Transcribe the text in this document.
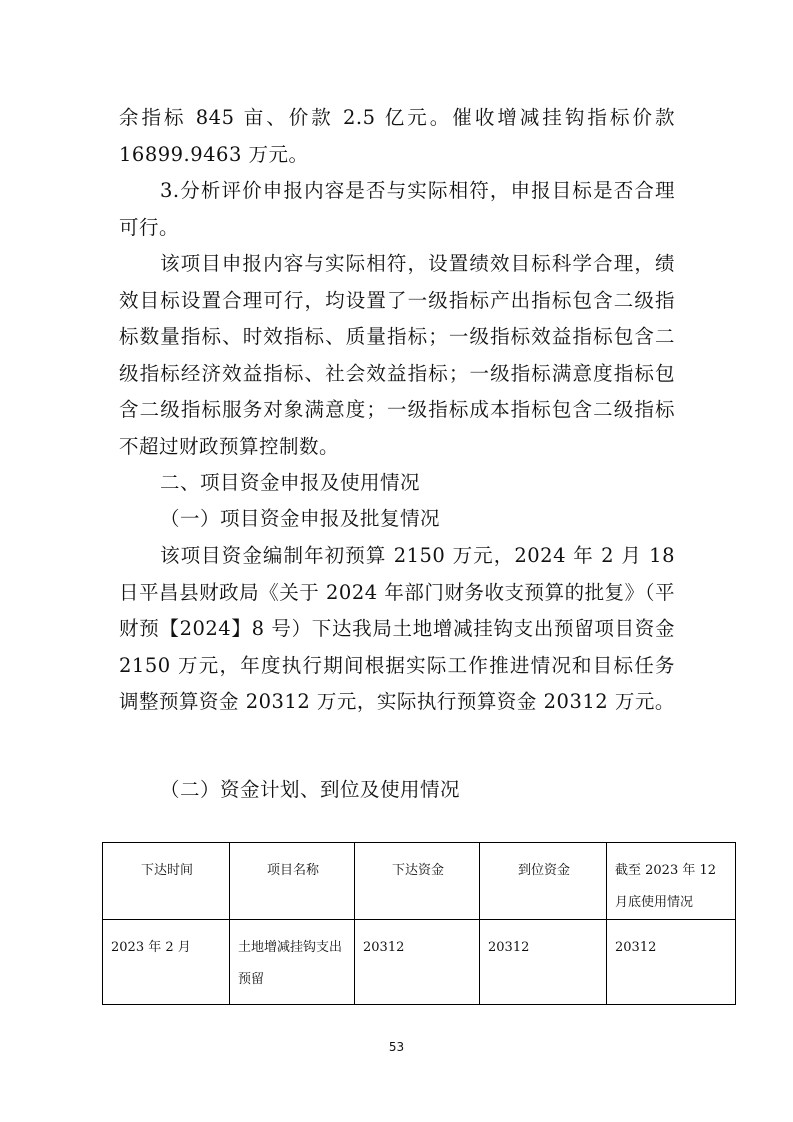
余指标 845 亩、价款 2.5 亿元。催收增减挂钩指标价款 16899.9463 万元。
3.分析评价申报内容是否与实际相符，申报目标是否合理可行。
该项目申报内容与实际相符，设置绩效目标科学合理，绩效目标设置合理可行，均设置了一级指标产出指标包含二级指标数量指标、时效指标、质量指标；一级指标效益指标包含二级指标经济效益指标、社会效益指标；一级指标满意度指标包含二级指标服务对象满意度；一级指标成本指标包含二级指标不超过财政预算控制数。
二、项目资金申报及使用情况
（一）项目资金申报及批复情况
该项目资金编制年初预算 2150 万元，2024 年 2 月 18 日平昌县财政局《关于 2024 年部门财务收支预算的批复》（平财预【2024】8 号）下达我局土地增减挂钩支出预留项目资金 2150 万元，年度执行期间根据实际工作推进情况和目标任务调整预算资金 20312 万元，实际执行预算资金 20312 万元。
（二）资金计划、到位及使用情况
下达时间	项目名称	下达资金	到位资金	截至 2023 年 12 月底使用情况
2023 年 2 月	土地增减挂钩支出预留	20312	20312	20312
53
